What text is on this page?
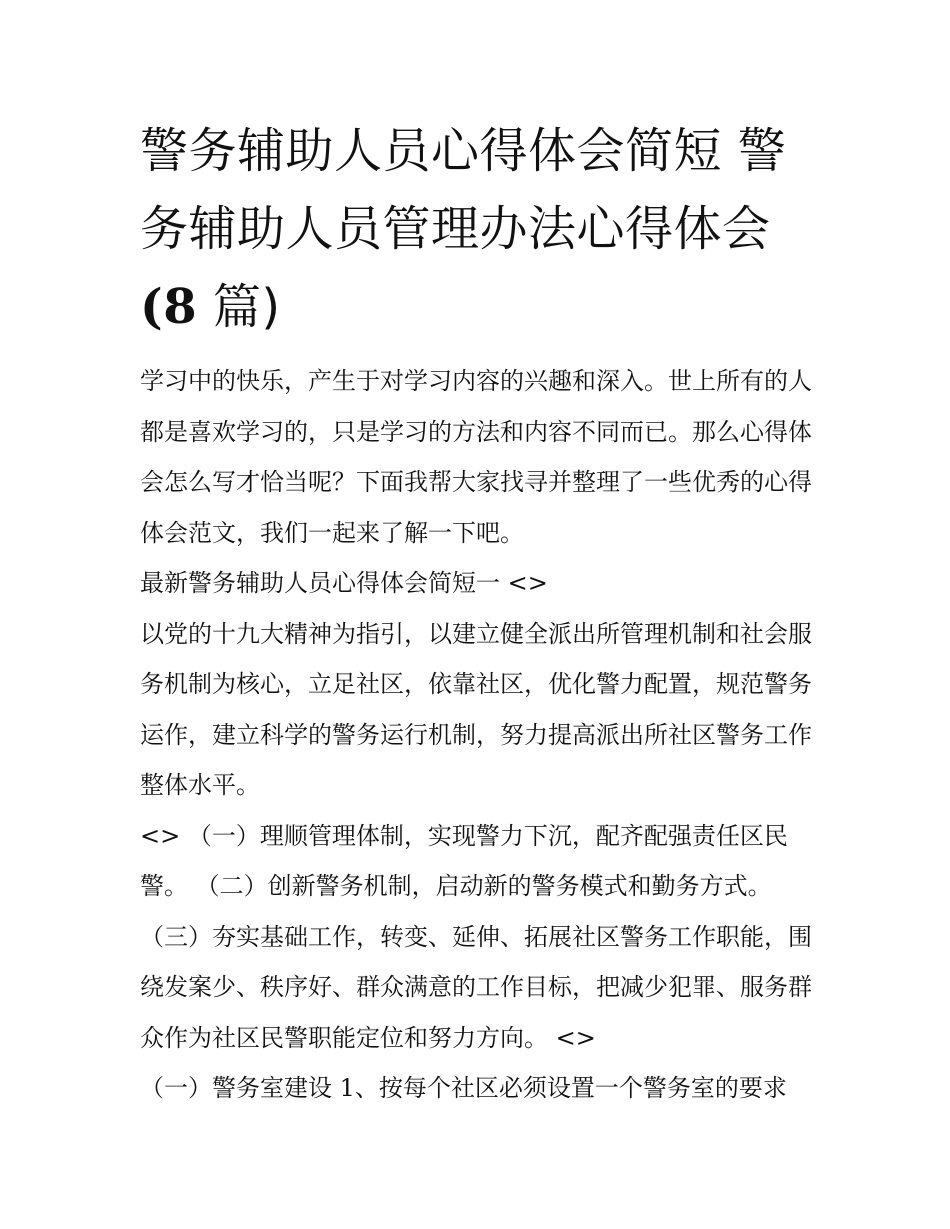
警务辅助人员心得体会简短 警务辅助人员管理办法心得体会
(8 篇)

学习中的快乐，产生于对学习内容的兴趣和深入。世上所有的人都是喜欢学习的，只是学习的方法和内容不同而已。那么心得体会怎么写才恰当呢？下面我帮大家找寻并整理了一些优秀的心得体会范文，我们一起来了解一下吧。

最新警务辅助人员心得体会简短一 <>

以党的十九大精神为指引，以建立健全派出所管理机制和社会服务机制为核心，立足社区，依靠社区，优化警力配置，规范警务运作，建立科学的警务运行机制，努力提高派出所社区警务工作整体水平。

<> （一）理顺管理体制，实现警力下沉，配齐配强责任区民警。 （二）创新警务机制，启动新的警务模式和勤务方式。 （三）夯实基础工作，转变、延伸、拓展社区警务工作职能，围绕发案少、秩序好、群众满意的工作目标，把减少犯罪、服务群众作为社区民警职能定位和努力方向。 <>

（一）警务室建设 1、按每个社区必须设置一个警务室的要求
